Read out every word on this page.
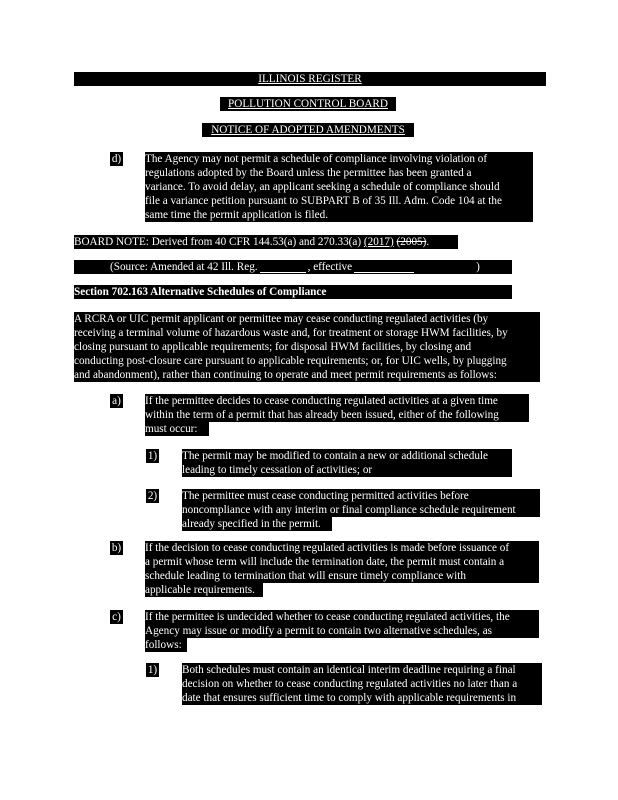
ILLINOIS REGISTER
POLLUTION CONTROL BOARD
NOTICE OF ADOPTED AMENDMENTS
d) The Agency may not permit a schedule of compliance involving violation of
regulations adopted by the Board unless the permittee has been granted a
variance. To avoid delay, an applicant seeking a schedule of compliance should
file a variance petition pursuant to SUBPART B of 35 Ill. Adm. Code 104 at the
same time the permit application is filed.
BOARD NOTE: Derived from 40 CFR 144.53(a) and 270.33(a) (2017) (2005).
(Source: Amended at 42 Ill. Reg.	, effective	)
Section 702.163 Alternative Schedules of Compliance
A RCRA or UIC permit applicant or permittee may cease conducting regulated activities (by
receiving a terminal volume of hazardous waste and, for treatment or storage HWM facilities, by
closing pursuant to applicable requirements; for disposal HWM facilities, by closing and
conducting post-closure care pursuant to applicable requirements; or, for UIC wells, by plugging
and abandonment), rather than continuing to operate and meet permit requirements as follows:
a) If the permittee decides to cease conducting regulated activities at a given time
within the term of a permit that has already been issued, either of the following
must occur:
1) The permit may be modified to contain a new or additional schedule
leading to timely cessation of activities; or
2) The permittee must cease conducting permitted activities before
noncompliance with any interim or final compliance schedule requirement
already specified in the permit.
b) If the decision to cease conducting regulated activities is made before issuance of
a permit whose term will include the termination date, the permit must contain a
schedule leading to termination that will ensure timely compliance with
applicable requirements.
c) If the permittee is undecided whether to cease conducting regulated activities, the
Agency may issue or modify a permit to contain two alternative schedules, as
follows:
1) Both schedules must contain an identical interim deadline requiring a final
decision on whether to cease conducting regulated activities no later than a
date that ensures sufficient time to comply with applicable requirements in
